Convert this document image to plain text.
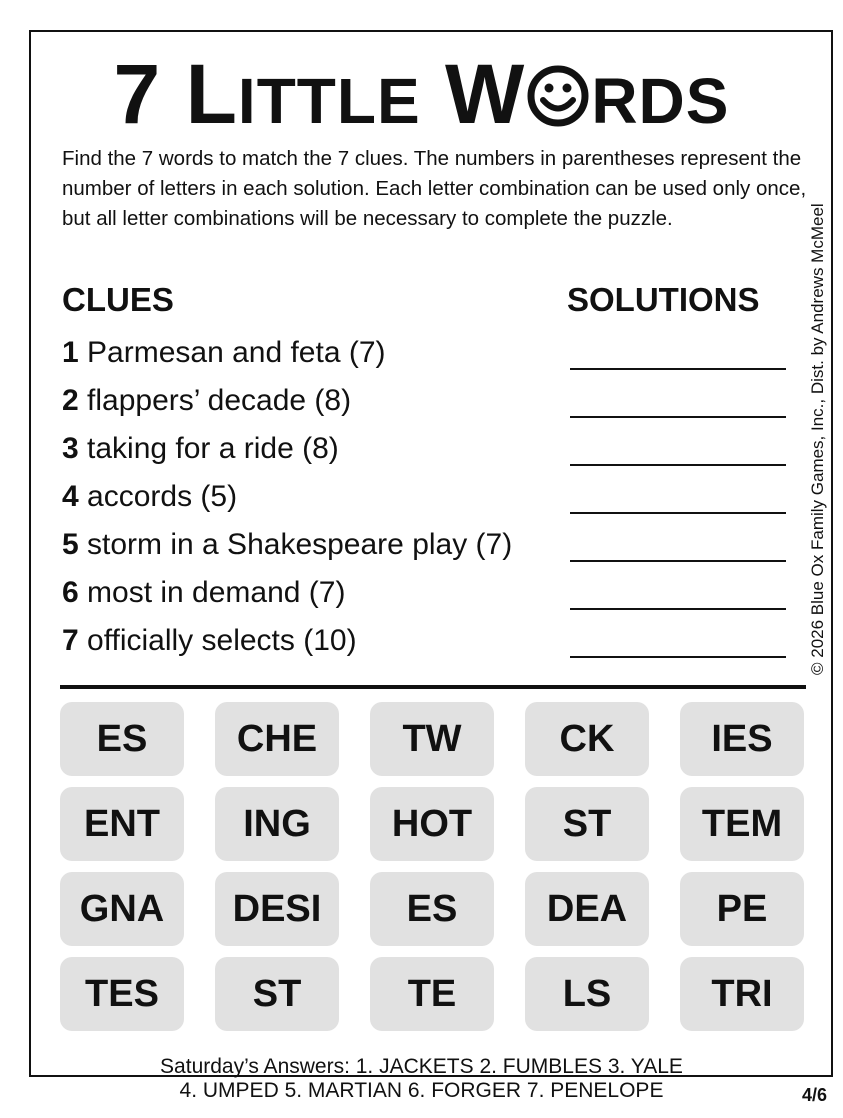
7 LITTLE W RDS

Find the 7 words to match the 7 clues. The numbers in parentheses represent the number of letters in each solution. Each letter combination can be used only once, but all letter combinations will be necessary to complete the puzzle.	© 2026 Blue Ox Family Games, Inc., Dist. by Andrews McMeel
CLUES	SOLUTIONS
1 Parmesan and feta (7)
2 flappers’ decade (8)
3 taking for a ride (8)
4 accords (5)
5 storm in a Shakespeare play (7)
6 most in demand (7)
7 officially selects (10)
ES	CHE	TW	CK	IES
ENT	ING	HOT	ST	TEM
GNA	DESI	ES	DEA	PE
TES	ST	TE	LS	TRI
Saturday’s Answers: 1. JACKETS 2. FUMBLES 3. YALE
4. UMPED 5. MARTIAN 6. FORGER 7. PENELOPE	4/6
